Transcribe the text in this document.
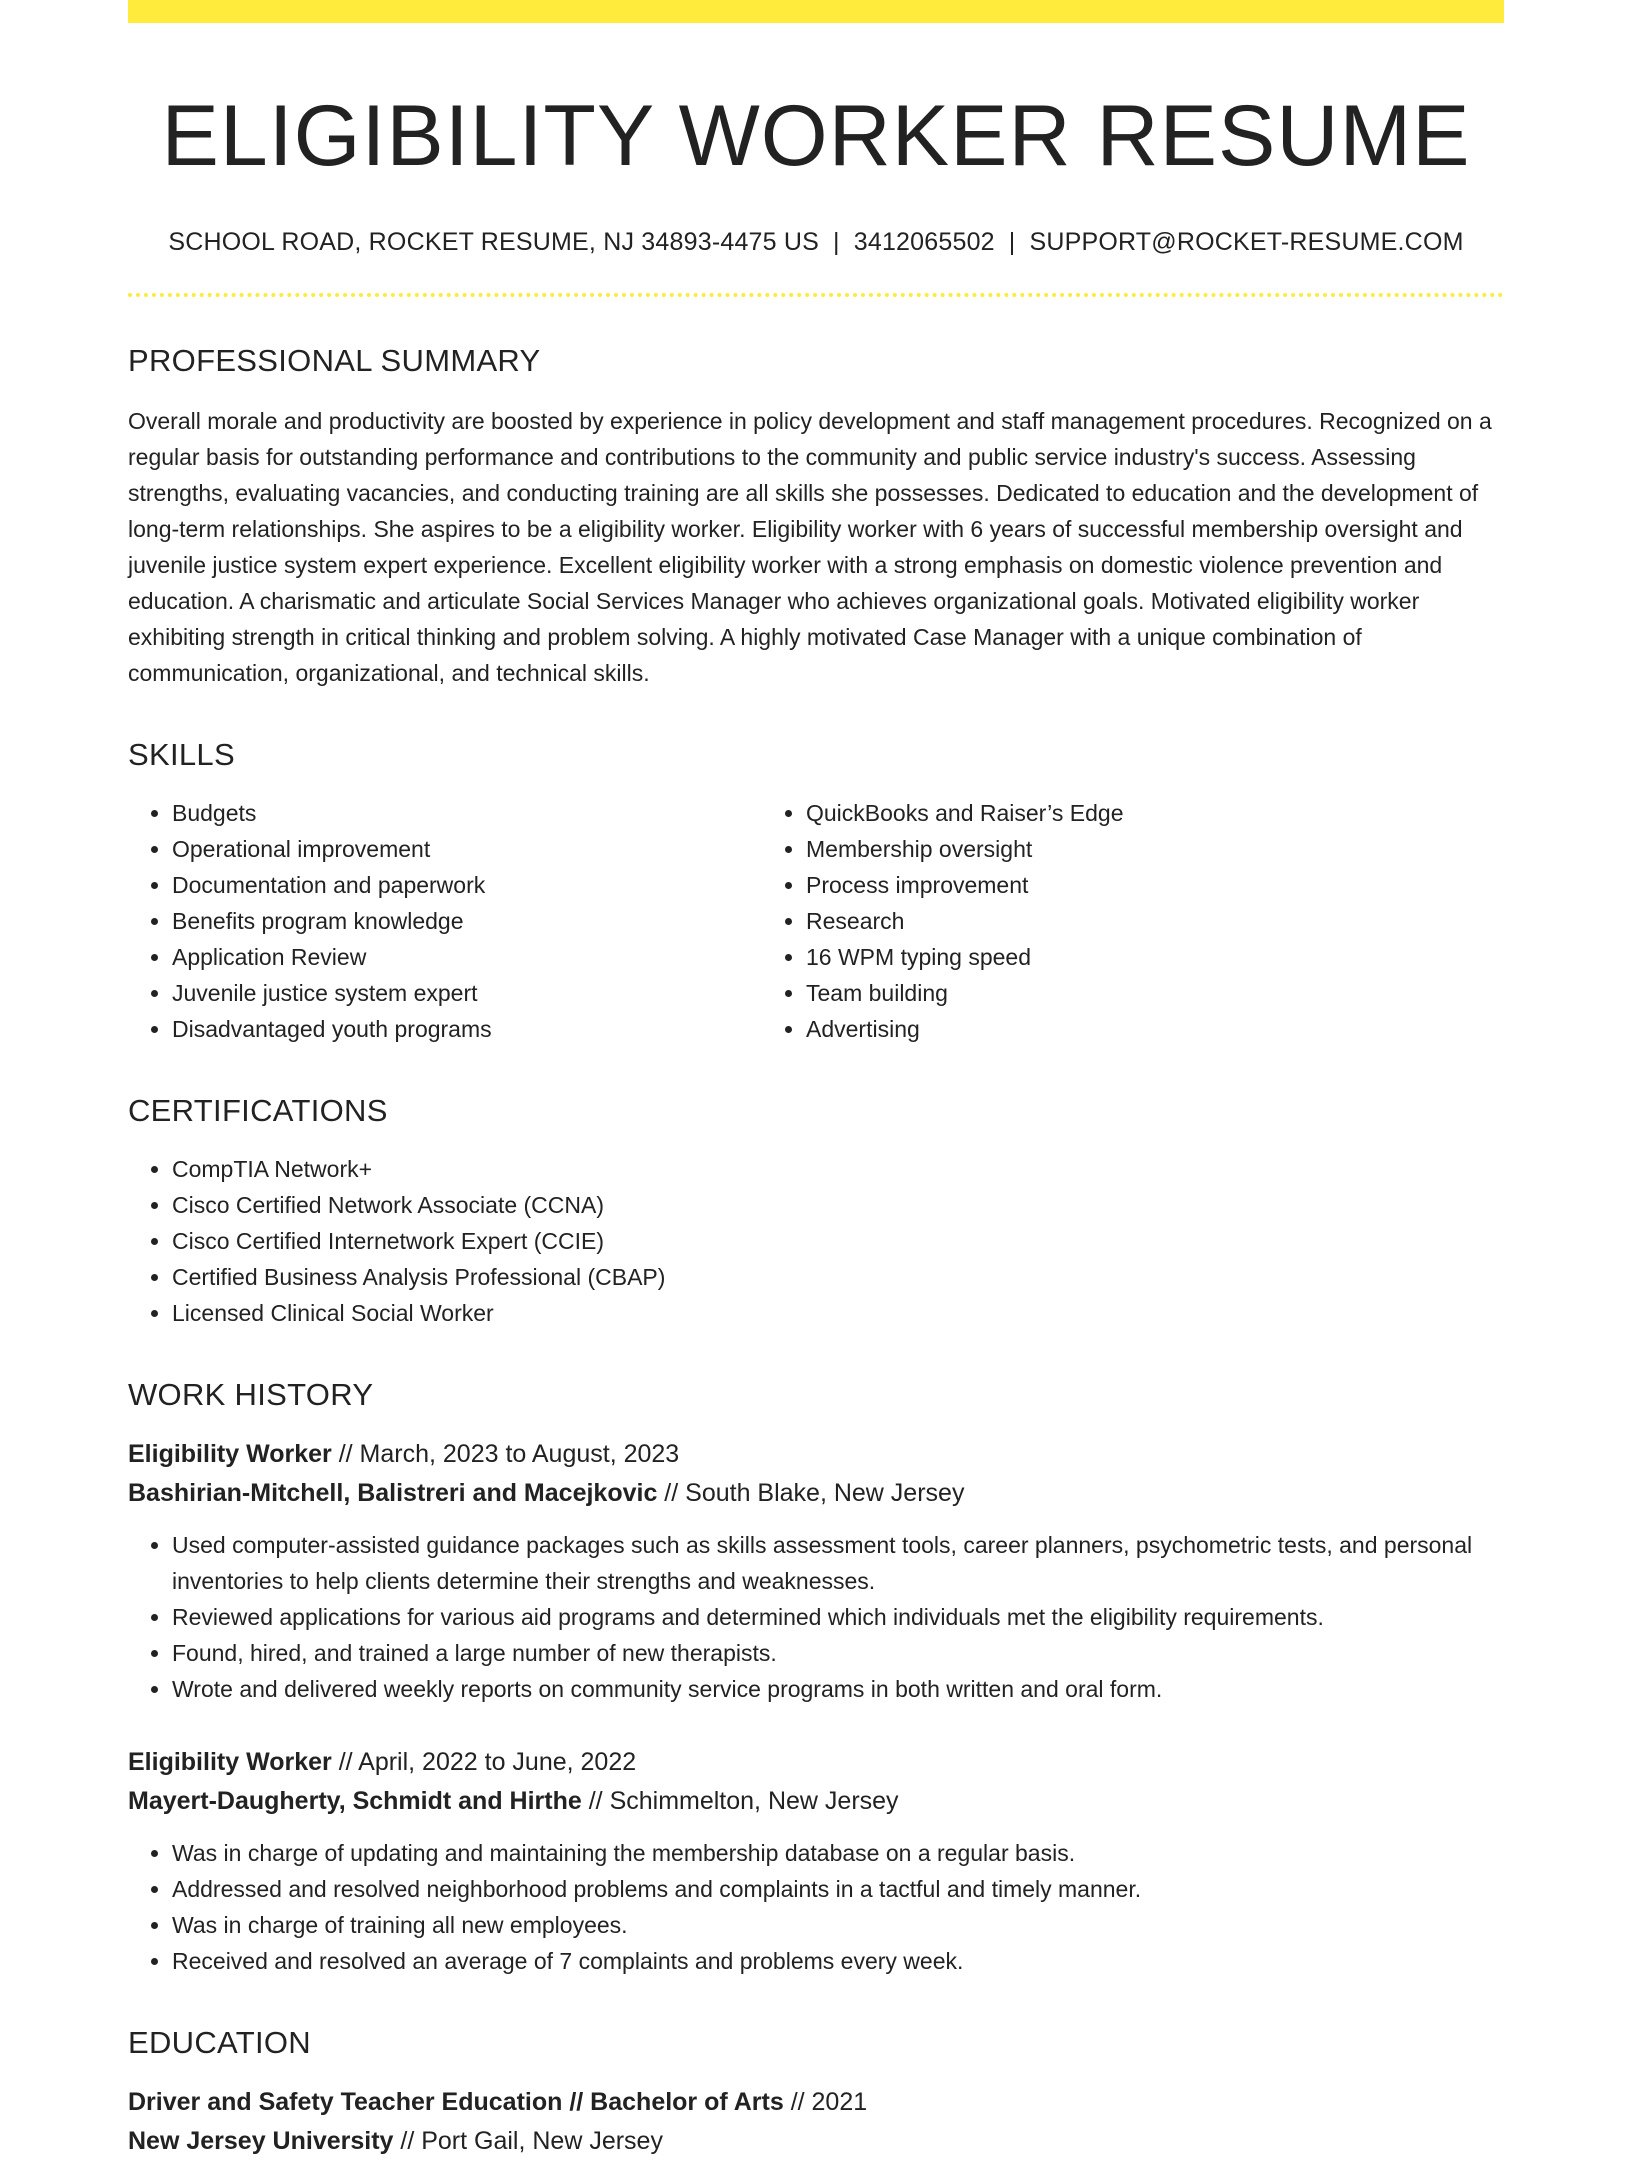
ELIGIBILITY WORKER RESUME
SCHOOL ROAD, ROCKET RESUME, NJ 34893-4475 US | 3412065502 | SUPPORT@ROCKET-RESUME.COM
PROFESSIONAL SUMMARY
Overall morale and productivity are boosted by experience in policy development and staff management procedures. Recognized on a regular basis for outstanding performance and contributions to the community and public service industry's success. Assessing strengths, evaluating vacancies, and conducting training are all skills she possesses. Dedicated to education and the development of long-term relationships. She aspires to be a eligibility worker. Eligibility worker with 6 years of successful membership oversight and juvenile justice system expert experience. Excellent eligibility worker with a strong emphasis on domestic violence prevention and education. A charismatic and articulate Social Services Manager who achieves organizational goals. Motivated eligibility worker exhibiting strength in critical thinking and problem solving. A highly motivated Case Manager with a unique combination of communication, organizational, and technical skills.
SKILLS
• Budgets
• Operational improvement
• Documentation and paperwork
• Benefits program knowledge
• Application Review
• Juvenile justice system expert
• Disadvantaged youth programs
• QuickBooks and Raiser’s Edge
• Membership oversight
• Process improvement
• Research
• 16 WPM typing speed
• Team building
• Advertising
CERTIFICATIONS
• CompTIA Network+
• Cisco Certified Network Associate (CCNA)
• Cisco Certified Internetwork Expert (CCIE)
• Certified Business Analysis Professional (CBAP)
• Licensed Clinical Social Worker
WORK HISTORY
Eligibility Worker // March, 2023 to August, 2023
Bashirian-Mitchell, Balistreri and Macejkovic // South Blake, New Jersey
• Used computer-assisted guidance packages such as skills assessment tools, career planners, psychometric tests, and personal inventories to help clients determine their strengths and weaknesses.
• Reviewed applications for various aid programs and determined which individuals met the eligibility requirements.
• Found, hired, and trained a large number of new therapists.
• Wrote and delivered weekly reports on community service programs in both written and oral form.
Eligibility Worker // April, 2022 to June, 2022
Mayert-Daugherty, Schmidt and Hirthe // Schimmelton, New Jersey
• Was in charge of updating and maintaining the membership database on a regular basis.
• Addressed and resolved neighborhood problems and complaints in a tactful and timely manner.
• Was in charge of training all new employees.
• Received and resolved an average of 7 complaints and problems every week.
EDUCATION
Driver and Safety Teacher Education // Bachelor of Arts // 2021
New Jersey University // Port Gail, New Jersey
